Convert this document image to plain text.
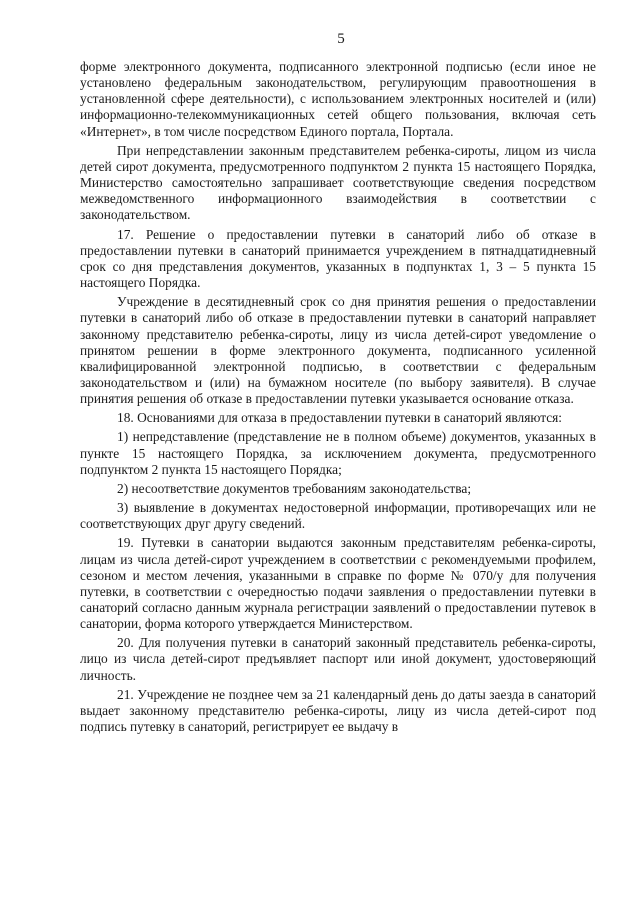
5

форме электронного документа, подписанного электронной подписью (если иное не установлено федеральным законодательством, регулирующим правоотношения в установленной сфере деятельности), с использованием электронных носителей и (или) информационно-телекоммуникационных сетей общего пользования, включая сеть «Интернет», в том числе посредством Единого портала, Портала.

При непредставлении законным представителем ребенка-сироты, лицом из числа детей сирот документа, предусмотренного подпунктом 2 пункта 15 настоящего Порядка, Министерство самостоятельно запрашивает соответствующие сведения посредством межведомственного информационного взаимодействия в соответствии с законодательством.

17. Решение о предоставлении путевки в санаторий либо об отказе в предоставлении путевки в санаторий принимается учреждением в пятнадцатидневный срок со дня представления документов, указанных в подпунктах 1, 3 – 5 пункта 15 настоящего Порядка.

Учреждение в десятидневный срок со дня принятия решения о предоставлении путевки в санаторий либо об отказе в предоставлении путевки в санаторий направляет законному представителю ребенка-сироты, лицу из числа детей-сирот уведомление о принятом решении в форме электронного документа, подписанного усиленной квалифицированной электронной подписью, в соответствии с федеральным законодательством и (или) на бумажном носителе (по выбору заявителя). В случае принятия решения об отказе в предоставлении путевки указывается основание отказа.

18. Основаниями для отказа в предоставлении путевки в санаторий являются:

1) непредставление (представление не в полном объеме) документов, указанных в пункте 15 настоящего Порядка, за исключением документа, предусмотренного подпунктом 2 пункта 15 настоящего Порядка;

2) несоответствие документов требованиям законодательства;

3) выявление в документах недостоверной информации, противоречащих или не соответствующих друг другу сведений.

19. Путевки в санатории выдаются законным представителям ребенка-сироты, лицам из числа детей-сирот учреждением в соответствии с рекомендуемыми профилем, сезоном и местом лечения, указанными в справке по форме № 070/у для получения путевки, в соответствии с очередностью подачи заявления о предоставлении путевки в санаторий согласно данным журнала регистрации заявлений о предоставлении путевок в санатории, форма которого утверждается Министерством.

20. Для получения путевки в санаторий законный представитель ребенка-сироты, лицо из числа детей-сирот предъявляет паспорт или иной документ, удостоверяющий личность.

21. Учреждение не позднее чем за 21 календарный день до даты заезда в санаторий выдает законному представителю ребенка-сироты, лицу из числа детей-сирот под подпись путевку в санаторий, регистрирует ее выдачу в
